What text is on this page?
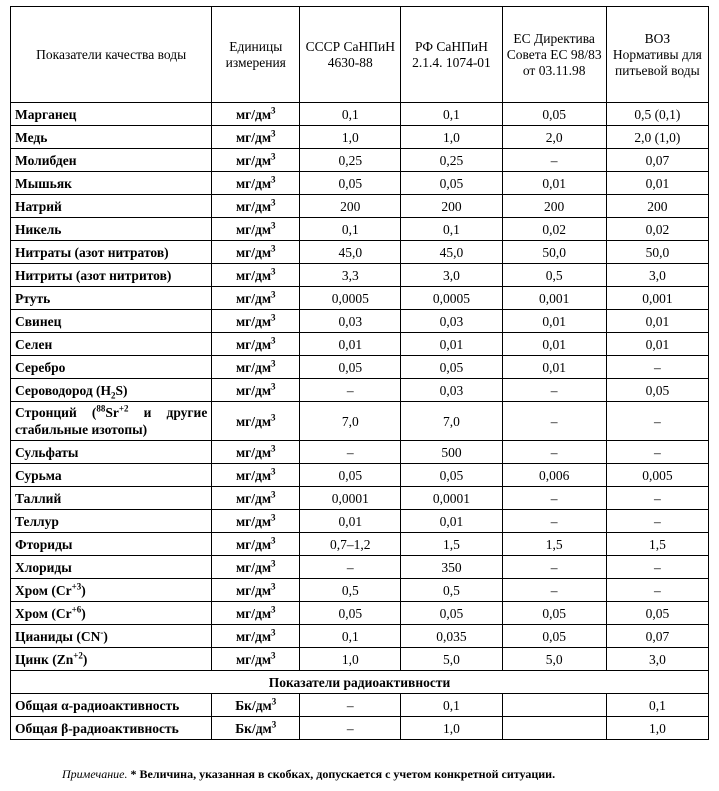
Показатели качества воды	Единицы измерения	СССР СаНПиН 4630-88	РФ СаНПиН 2.1.4. 1074-01	ЕС Директива Совета ЕС 98/83 от 03.11.98	ВОЗ Нормативы для питьевой воды
Марганец	$мг/дм^3$	0,1	0,1	0,05	0,5 (0,1)
Медь	$мг/дм^3$	1,0	1,0	2,0	2,0 (1,0)
Молибден	$мг/дм^3$	0,25	0,25	–	0,07
Мышьяк	$мг/дм^3$	0,05	0,05	0,01	0,01
Натрий	$мг/дм^3$	200	200	200	200
Никель	$мг/дм^3$	0,1	0,1	0,02	0,02
Нитраты (азот нитратов)	$мг/дм^3$	45,0	45,0	50,0	50,0
Нитриты (азот нитритов)	$мг/дм^3$	3,3	3,0	0,5	3,0
Ртуть	$мг/дм^3$	0,0005	0,0005	0,001	0,001
Свинец	$мг/дм^3$	0,03	0,03	0,01	0,01
Селен	$мг/дм^3$	0,01	0,01	0,01	0,01
Серебро	$мг/дм^3$	0,05	0,05	0,01	–
Сероводород $(H_2S)$	$мг/дм^3$	–	0,03	–	0,05
Стронций ($^{88}Sr^{+2}$ и другие стабильные изотопы)	$мг/дм^3$	7,0	7,0	–	–
Сульфаты	$мг/дм^3$	–	500	–	–
Сурьма	$мг/дм^3$	0,05	0,05	0,006	0,005
Таллий	$мг/дм^3$	0,0001	0,0001	–	–
Теллур	$мг/дм^3$	0,01	0,01	–	–
Фториды	$мг/дм^3$	0,7–1,2	1,5	1,5	1,5
Хлориды	$мг/дм^3$	–	350	–	–
Хром $(Cr^{+3})$	$мг/дм^3$	0,5	0,5	–	–
Хром $(Cr^{+6})$	$мг/дм^3$	0,05	0,05	0,05	0,05
Цианиды (CN-)	$мг/дм^3$	0,1	0,035	0,05	0,07
Цинк $(Zn^{+2})$	$мг/дм^3$	1,0	5,0	5,0	3,0
Показатели радиоактивности					
Общая α-радиоактивность	$Бк/дм^3$	–	0,1		0,1
Общая β-радиоактивность	$Бк/дм^3$	–	1,0		1,0
Примечание. * Величина, указанная в скобках, допускается с учетом конкретной ситуации.
